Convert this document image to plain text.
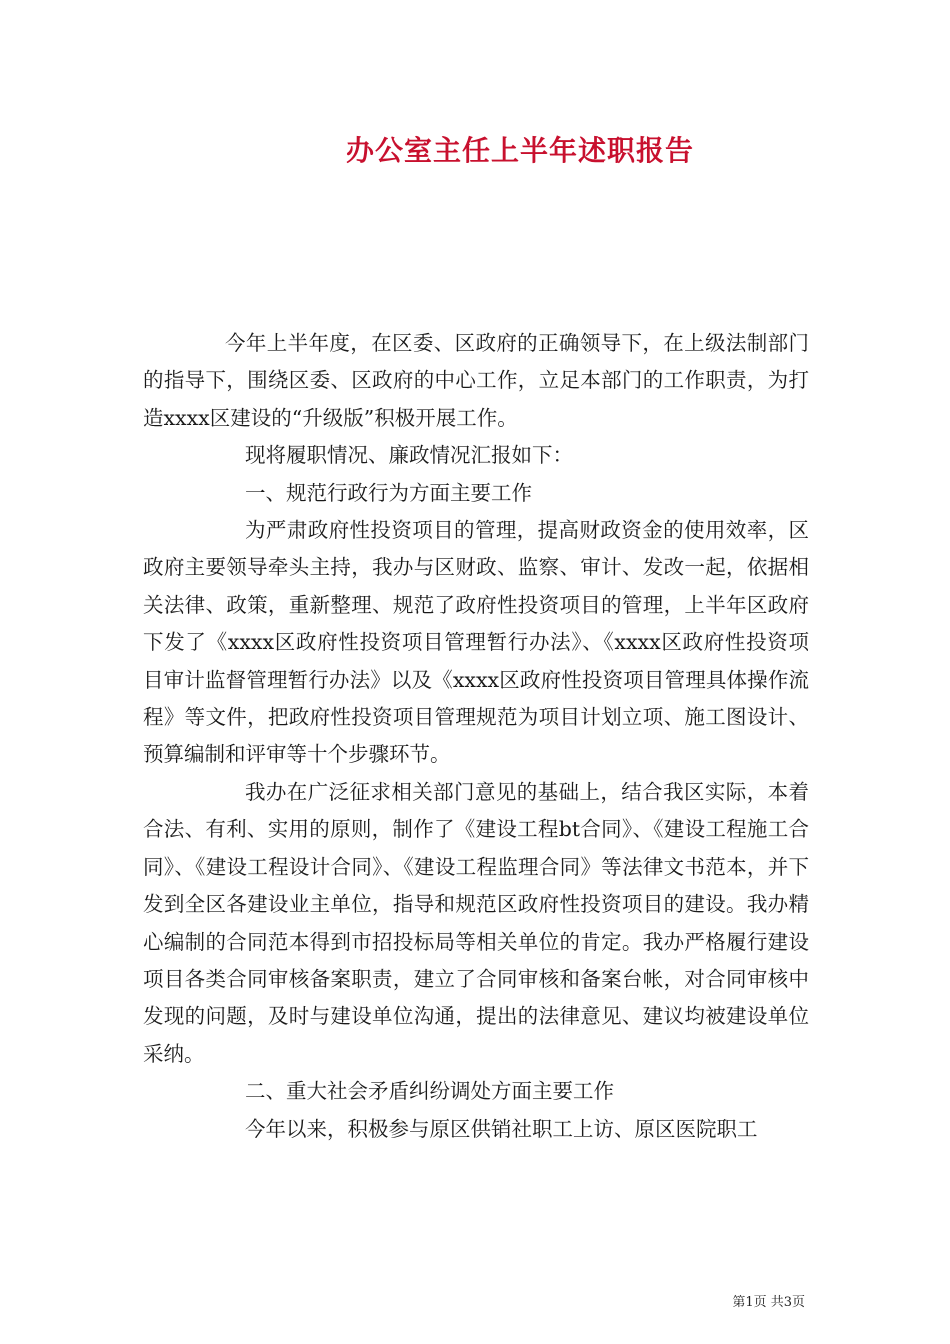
办公室主任上半年述职报告

今年上半年度，在区委、区政府的正确领导下，在上级法制部门的指导下，围绕区委、区政府的中心工作，立足本部门的工作职责，为打造xxxx区建设的“升级版”积极开展工作。

现将履职情况、廉政情况汇报如下：

一、规范行政行为方面主要工作

为严肃政府性投资项目的管理，提高财政资金的使用效率，区政府主要领导牵头主持，我办与区财政、监察、审计、发改一起，依据相关法律、政策，重新整理、规范了政府性投资项目的管理，上半年区政府下发了《xxxx区政府性投资项目管理暂行办法》、《xxxx区政府性投资项目审计监督管理暂行办法》以及《xxxx区政府性投资项目管理具体操作流程》等文件，把政府性投资项目管理规范为项目计划立项、施工图设计、预算编制和评审等十个步骤环节。

我办在广泛征求相关部门意见的基础上，结合我区实际，本着合法、有利、实用的原则，制作了《建设工程bt合同》、《建设工程施工合同》、《建设工程设计合同》、《建设工程监理合同》等法律文书范本，并下发到全区各建设业主单位，指导和规范区政府性投资项目的建设。我办精心编制的合同范本得到市招投标局等相关单位的肯定。我办严格履行建设项目各类合同审核备案职责，建立了合同审核和备案台帐，对合同审核中发现的问题，及时与建设单位沟通，提出的法律意见、建议均被建设单位采纳。

二、重大社会矛盾纠纷调处方面主要工作

今年以来，积极参与原区供销社职工上访、原区医院职工

第1页 共3页
